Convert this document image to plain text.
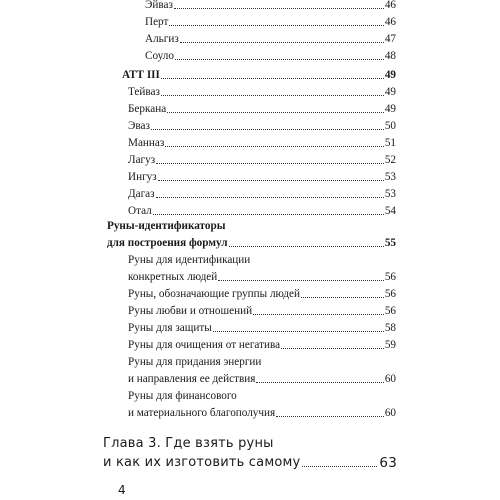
Эйваз	46
Перт	46
Альгиз	47
Соуло	48
АТТ III	49
Тейваз	49
Беркана	49
Эваз	50
Манназ	51
Лагуз	52
Ингуз	53
Дагаз	53
Отал	54
Руны-идентификаторы
для построения формул	55
Руны для идентификации
конкретных людей	56
Руны, обозначающие группы людей	56
Руны любви и отношений	56
Руны для защиты	58
Руны для очищения от негатива	59
Руны для придания энергии
и направления ее действия	60
Руны для финансового
и материального благополучия	60
Глава 3. Где взять руны
и как их изготовить самому	63
4
